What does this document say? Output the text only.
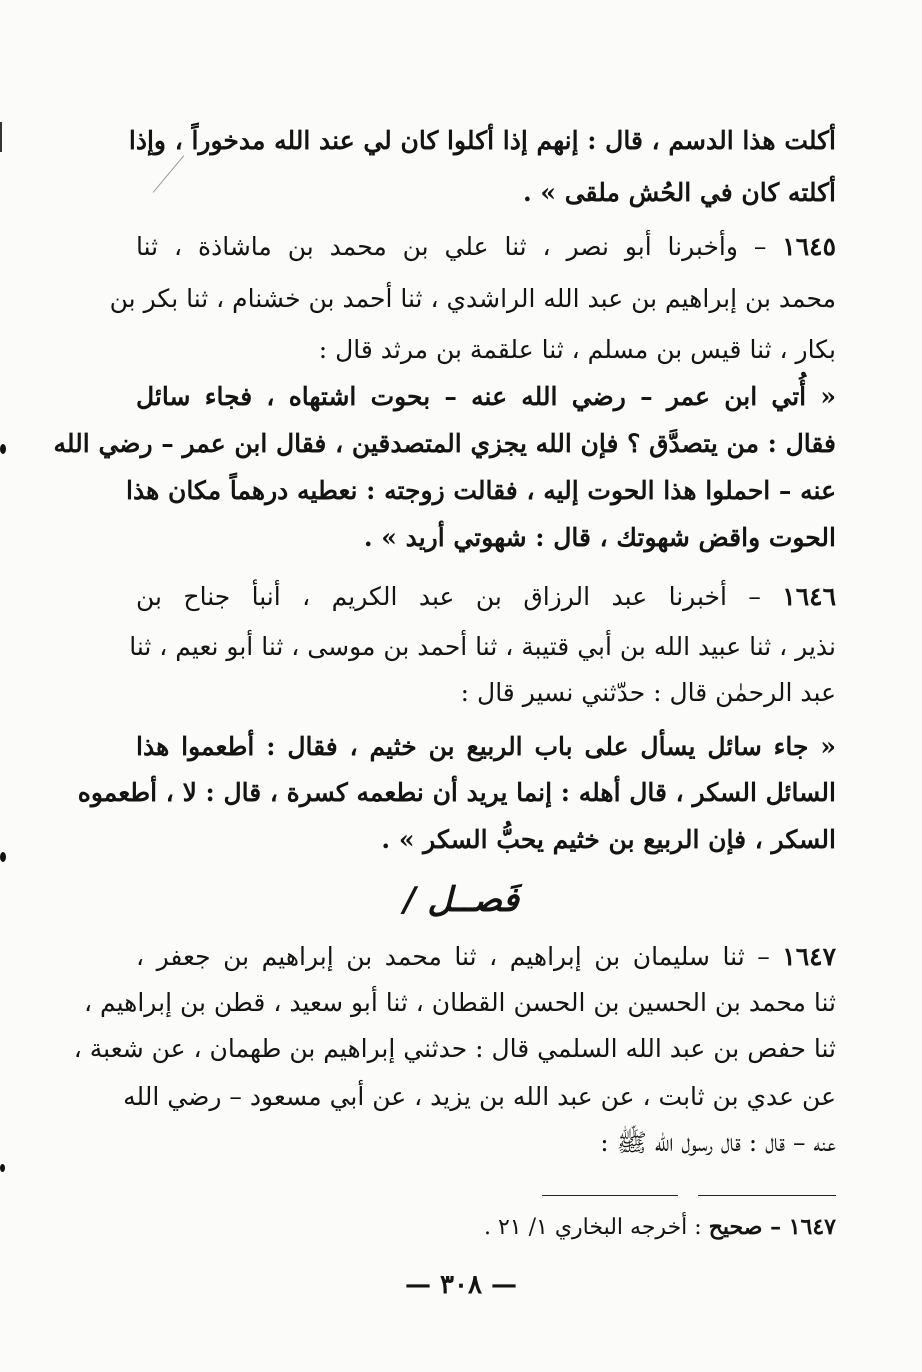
أكلت هذا الدسم ، قال : إنهم إذا أكلوا كان لي عند الله مدخوراً ، وإذا
أكلته كان في الحُش ملقى » .
١٦٤٥ – وأخبرنا أبو نصر ، ثنا علي بن محمد بن ماشاذة ، ثنا
محمد بن إبراهيم بن عبد الله الراشدي ، ثنا أحمد بن خشنام ، ثنا بكر بن
بكار ، ثنا قيس بن مسلم ، ثنا علقمة بن مرثد قال :
« أُتي ابن عمر – رضي الله عنه – بحوت اشتهاه ، فجاء سائل
فقال : من يتصدَّق ؟ فإن الله يجزي المتصدقين ، فقال ابن عمر – رضي الله
عنه – احملوا هذا الحوت إليه ، فقالت زوجته : نعطيه درهماً مكان هذا
الحوت واقض شهوتك ، قال : شهوتي أريد » .
١٦٤٦ – أخبرنا عبد الرزاق بن عبد الكريم ، أنبأ جناح بن
نذير ، ثنا عبيد الله بن أبي قتيبة ، ثنا أحمد بن موسى ، ثنا أبو نعيم ، ثنا
عبد الرحمٰن قال : حدّثني نسير قال :
« جاء سائل يسأل على باب الربيع بن خثيم ، فقال : أطعموا هذا
السائل السكر ، قال أهله : إنما يريد أن نطعمه كسرة ، قال : لا ، أطعموه
السكر ، فإن الربيع بن خثيم يحبُّ السكر » .
فَصــل /
١٦٤٧ – ثنا سليمان بن إبراهيم ، ثنا محمد بن إبراهيم بن جعفر ،
ثنا محمد بن الحسين بن الحسن القطان ، ثنا أبو سعيد ، قطن بن إبراهيم ،
ثنا حفص بن عبد الله السلمي قال : حدثني إبراهيم بن طهمان ، عن شعبة ،
عن عدي بن ثابت ، عن عبد الله بن يزيد ، عن أبي مسعود – رضي الله
عنه – قال : قال رسول الله ﷺ :
١٦٤٧ – صحيح : أخرجه البخاري ١/ ٢١ .
— ٣٠٨ —
